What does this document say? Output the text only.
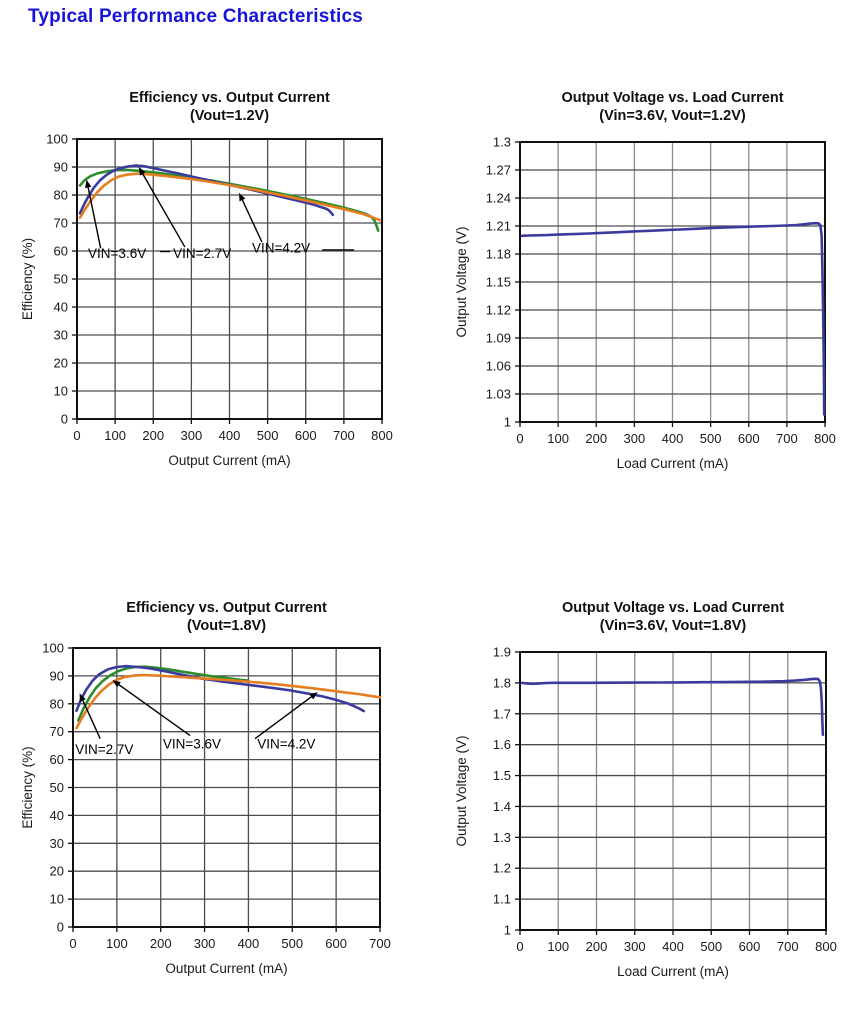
Typical Performance Characteristics
0 100 200 300 400 500 600 700 800
0
10
20
30
40
50
60
70
80
90
100
VIN=3.6V VIN=2.7V VIN=4.2V
Efficiency vs. Output Current
(Vout=1.2V)
Output Current (mA)
Efficiency (%)
0 100 200 300 400 500 600 700 800
1
1.03
1.06
1.09
1.12
1.15
1.18
1.21
1.24
1.27
1.3
Output Voltage vs. Load Current
(Vin=3.6V, Vout=1.2V)
Load Current (mA)
Output Voltage (V)
0 100 200 300 400 500 600 700
0
10
20
30
40
50
60
70
80
90
100
VIN=2.7V VIN=3.6V	VIN=4.2V
Efficiency vs. Output Current
(Vout=1.8V)
Output Current (mA)
Efficiency (%)
0 100 200 300 400 500 600 700 800
1
1.1
1.2
1.3
1.4
1.5
1.6
1.7
1.8
1.9
Output Voltage vs. Load Current
(Vin=3.6V, Vout=1.8V)
Load Current (mA)
Output Voltage (V)
